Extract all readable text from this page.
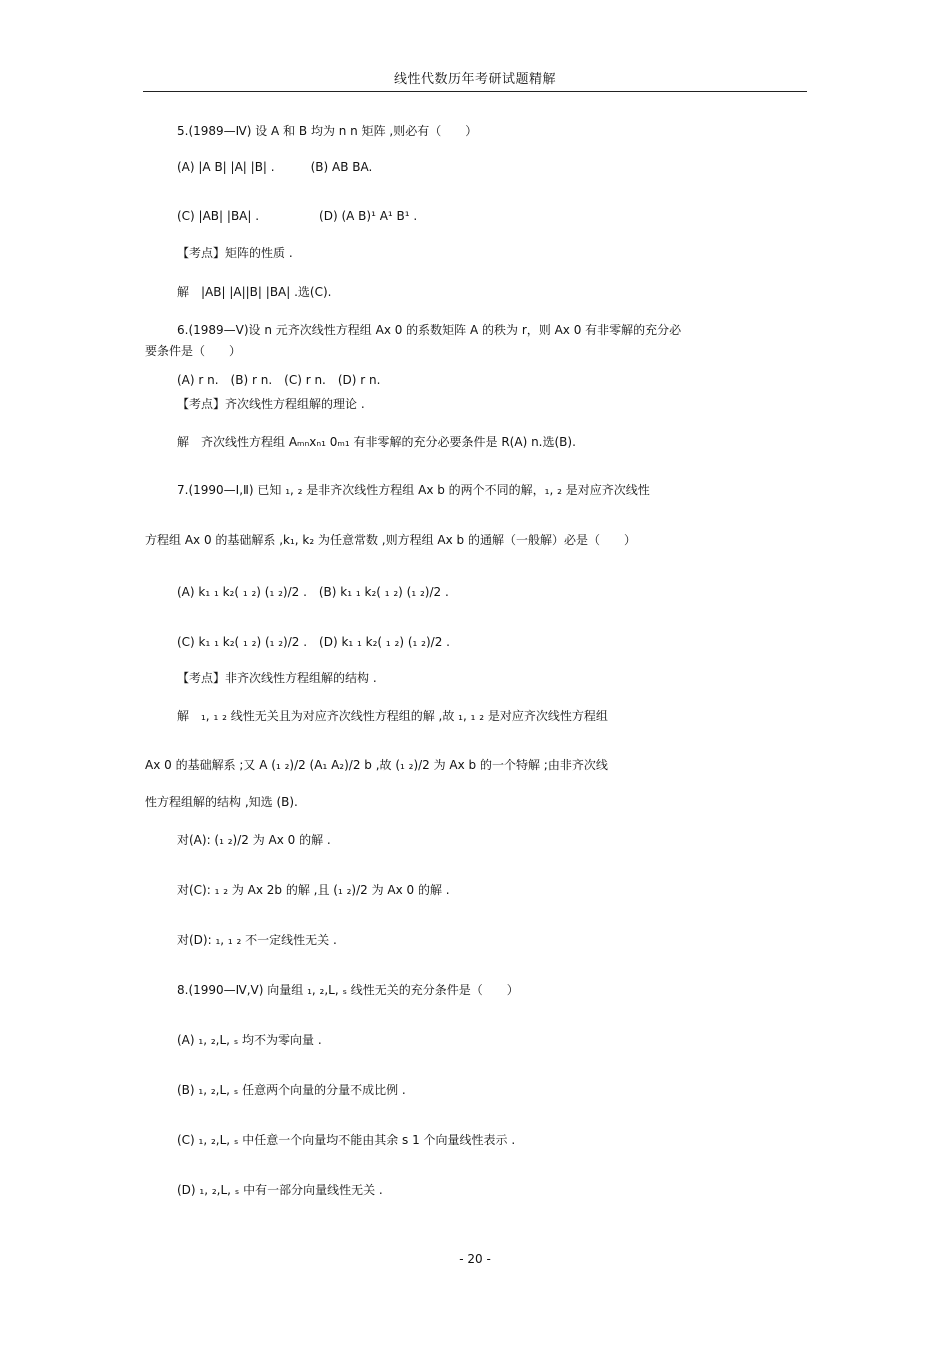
线性代数历年考研试题精解
5.(1989—Ⅳ) 设 A 和 B 均为 n n 矩阵 ,则必有（　　）
(A) |A B| |A| |B| .　　　(B) AB BA.
(C) |AB| |BA| .　　　　　(D) (A B)¹ A¹ B¹ .
【考点】矩阵的性质 .
解　|AB| |A||B| |BA| .选(C).
6.(1989—Ⅴ)设 n 元齐次线性方程组 Ax 0 的系数矩阵 A 的秩为 r，则 Ax 0 有非零解的充分必
要条件是（　　）
(A) r n.　(B) r n.　(C) r n.　(D) r n.
【考点】齐次线性方程组解的理论 .
解　齐次线性方程组 Aₘₙxₙ₁ 0ₘ₁ 有非零解的充分必要条件是 R(A) n.选(B).
7.(1990—Ⅰ,Ⅱ) 已知 ₁, ₂ 是非齐次线性方程组 Ax b 的两个不同的解，₁, ₂ 是对应齐次线性
方程组 Ax 0 的基础解系 ,k₁, k₂ 为任意常数 ,则方程组 Ax b 的通解（一般解）必是（　　）
(A) k₁ ₁ k₂( ₁ ₂) (₁ ₂)/2 .　(B) k₁ ₁ k₂( ₁ ₂) (₁ ₂)/2 .
(C) k₁ ₁ k₂( ₁ ₂) (₁ ₂)/2 .　(D) k₁ ₁ k₂( ₁ ₂) (₁ ₂)/2 .
【考点】非齐次线性方程组解的结构 .
解　₁, ₁ ₂ 线性无关且为对应齐次线性方程组的解 ,故 ₁, ₁ ₂ 是对应齐次线性方程组
Ax 0 的基础解系 ;又 A (₁ ₂)/2 (A₁ A₂)/2 b ,故 (₁ ₂)/2 为 Ax b 的一个特解 ;由非齐次线
性方程组解的结构 ,知选 (B).
对(A): (₁ ₂)/2 为 Ax 0 的解 .
对(C): ₁ ₂ 为 Ax 2b 的解 ,且 (₁ ₂)/2 为 Ax 0 的解 .
对(D): ₁, ₁ ₂ 不一定线性无关 .
8.(1990—Ⅳ,Ⅴ) 向量组 ₁, ₂,L, ₛ 线性无关的充分条件是（　　）
(A) ₁, ₂,L, ₛ 均不为零向量 .
(B) ₁, ₂,L, ₛ 任意两个向量的分量不成比例 .
(C) ₁, ₂,L, ₛ 中任意一个向量均不能由其余 s 1 个向量线性表示 .
(D) ₁, ₂,L, ₛ 中有一部分向量线性无关 .
- 20 -
